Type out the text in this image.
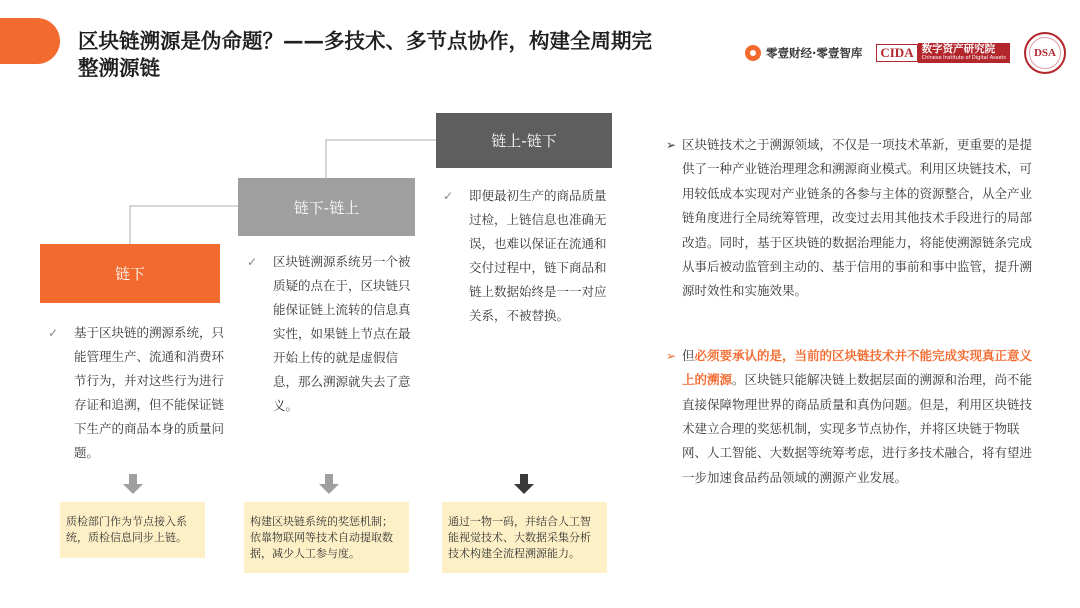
区块链溯源是伪命题？——多技术、多节点协作，构建全周期完整溯源链
零壹财经·零壹智库	CIDA 数字资产研究院
Chinese Institute of Digital Assets	DSA
链下
链下-链上
链上-链下
✓	基于区块链的溯源系统，只能管理生产、流通和消费环节行为，并对这些行为进行存证和追溯，但不能保证链下生产的商品本身的质量问题。
✓	区块链溯源系统另一个被质疑的点在于，区块链只能保证链上流转的信息真实性，如果链上节点在最开始上传的就是虚假信息，那么溯源就失去了意义。
✓	即便最初生产的商品质量过检，上链信息也准确无误，也难以保证在流通和交付过程中，链下商品和链上数据始终是一一对应关系，不被替换。
质检部门作为节点接入系统，质检信息同步上链。
构建区块链系统的奖惩机制；依靠物联网等技术自动提取数据，减少人工参与度。
通过一物一码，并结合人工智能视觉技术、大数据采集分析技术构建全流程溯源能力。
➢ 区块链技术之于溯源领域，不仅是一项技术革新，更重要的是提供了一种产业链治理理念和溯源商业模式。利用区块链技术，可用较低成本实现对产业链条的各参与主体的资源整合，从全产业链角度进行全局统筹管理，改变过去用其他技术手段进行的局部改造。同时，基于区块链的数据治理能力，将能使溯源链条完成从事后被动监管到主动的、基于信用的事前和事中监管，提升溯源时效性和实施效果。
➢ 但必须要承认的是，当前的区块链技术并不能完成实现真正意义上的溯源。区块链只能解决链上数据层面的溯源和治理，尚不能直接保障物理世界的商品质量和真伪问题。但是，利用区块链技术建立合理的奖惩机制，实现多节点协作，并将区块链于物联网、人工智能、大数据等统筹考虑，进行多技术融合，将有望进一步加速食品药品领域的溯源产业发展。
